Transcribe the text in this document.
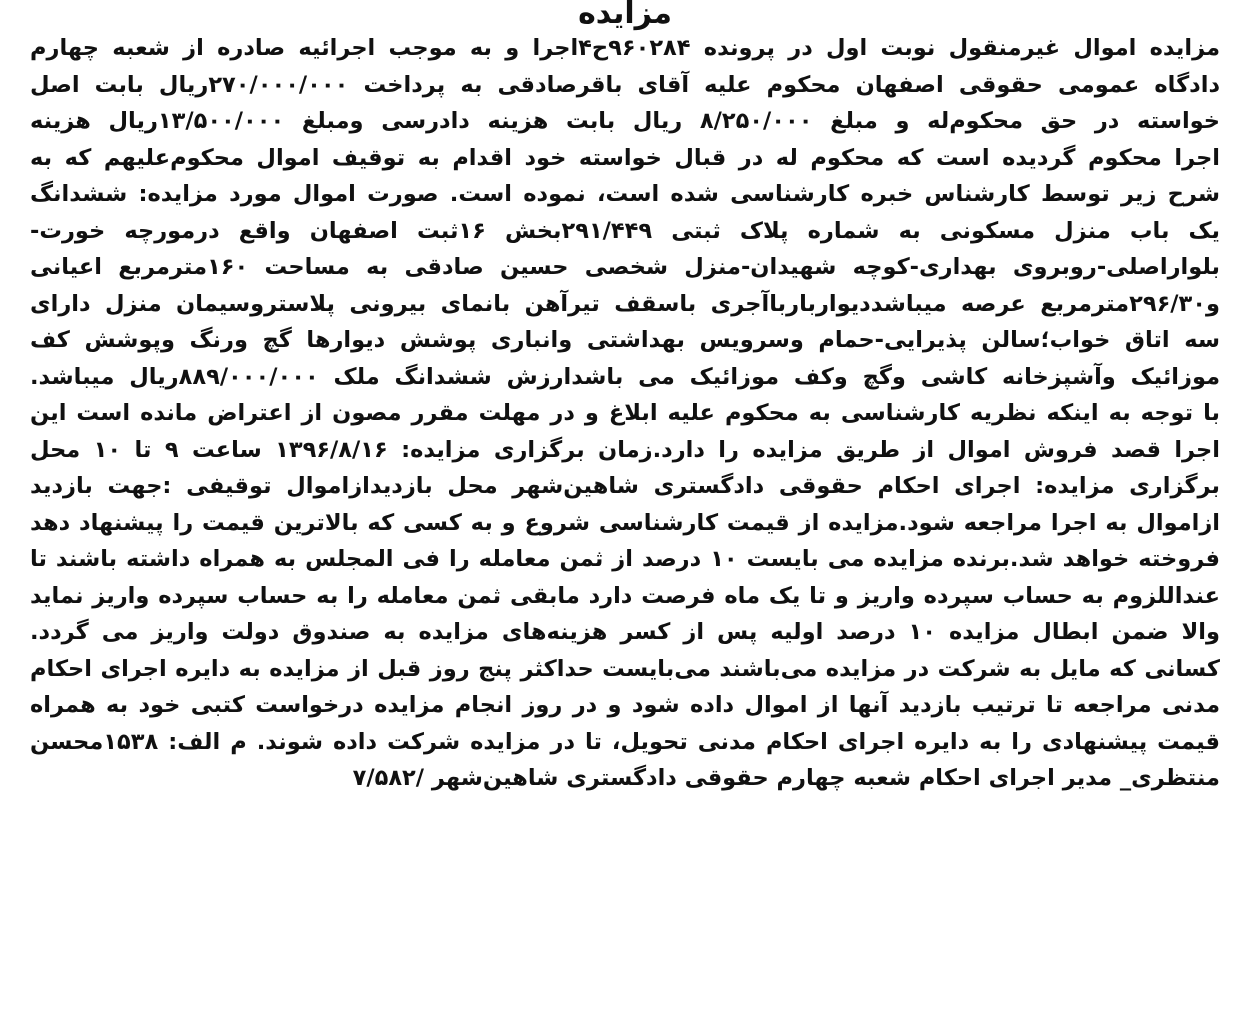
مزایده
مزایده اموال غیرمنقول نوبت اول در پرونده ۹۶۰۲۸۴ح۴اجرا و به موجب اجرائیه صادره از شعبه چهارم
دادگاه عمومی حقوقی اصفهان محکوم علیه آقای باقرصادقی به پرداخت ۲۷۰/۰۰۰/۰۰۰ریال بابت اصل
خواسته در حق محکوم‌له و مبلغ ۸/۲۵۰/۰۰۰ ریال بابت هزینه دادرسی ومبلغ ۱۳/۵۰۰/۰۰۰ریال هزینه
اجرا محکوم گردیده است که محکوم له در قبال خواسته خود اقدام به توقیف اموال محکوم‌علیهم که به
شرح زیر توسط کارشناس خبره کارشناسی شده است، نموده است. صورت اموال مورد مزایده: ششدانگ
یک باب منزل مسکونی به شماره پلاک ثبتی ۲۹۱/۴۴۹بخش ۱۶ثبت اصفهان واقع درمورچه خورت-
بلواراصلی-روبروی بهداری-کوچه شهیدان-منزل شخصی حسین صادقی به مساحت ۱۶۰مترمربع اعیانی
و۲۹۶/۳۰مترمربع عرصه میباشددیواربارباآجری باسقف تیرآهن بانمای بیرونی پلاستروسیمان منزل دارای
سه اتاق خواب؛سالن پذیرایی-حمام وسرویس بهداشتی وانباری پوشش دیوارها گچ ورنگ وپوشش کف
موزائیک وآشپزخانه کاشی وگچ وکف موزائیک می باشدارزش ششدانگ ملک ۸۸۹/۰۰۰/۰۰۰ریال میباشد.
با توجه به اینکه نظریه کارشناسی به محکوم علیه ابلاغ و در مهلت مقرر مصون از اعتراض مانده است این
اجرا قصد فروش اموال از طریق مزایده را دارد.زمان برگزاری مزایده: ۱۳۹۶/۸/۱۶ ساعت ۹ تا ۱۰ محل
برگزاری مزایده: اجرای احکام حقوقی دادگستری شاهین‌شهر محل بازدیدازاموال توقیفی :جهت بازدید
ازاموال به اجرا مراجعه شود.مزایده از قیمت کارشناسی شروع و به کسی که بالاترین قیمت را پیشنهاد دهد
فروخته خواهد شد.برنده مزایده می بایست ۱۰ درصد از ثمن معامله را فی المجلس به همراه داشته باشند تا
عنداللزوم به حساب سپرده واریز و تا یک ماه فرصت دارد مابقی ثمن معامله را به حساب سپرده واریز نماید
والا ضمن ابطال مزایده ۱۰ درصد اولیه پس از کسر هزینه‌های مزایده به صندوق دولت واریز می گردد.
کسانی که مایل به شرکت در مزایده می‌باشند می‌بایست حداکثر پنج روز قبل از مزایده به دایره اجرای احکام
مدنی مراجعه تا ترتیب بازدید آنها از اموال داده شود و در روز انجام مزایده درخواست کتبی خود به همراه
قیمت پیشنهادی را به دایره اجرای احکام مدنی تحویل، تا در مزایده شرکت داده شوند. م الف: ۱۵۳۸محسن
منتظری_ مدیر اجرای احکام شعبه چهارم حقوقی دادگستری شاهین‌شهر /۷/۵۸۲
